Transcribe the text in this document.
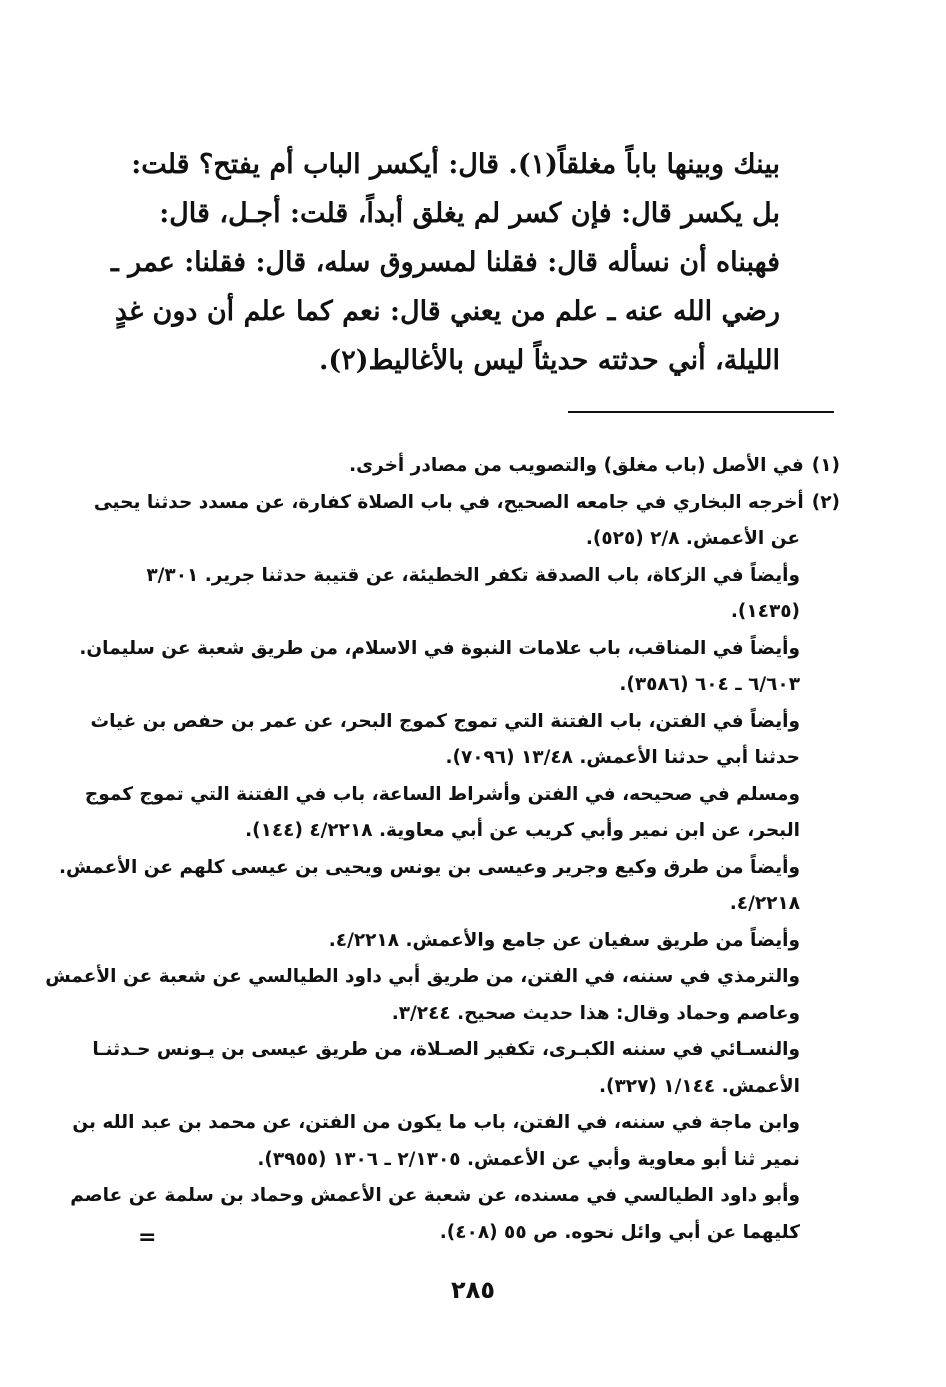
بينك وبينها باباً مغلقاً(١). قال: أيكسر الباب أم يفتح؟ قلت:
بل يكسر قال: فإن كسر لم يغلق أبداً، قلت: أجـل، قال:
فهبناه أن نسأله قال: فقلنا لمسروق سله، قال: فقلنا: عمر ـ
رضي الله عنه ـ علم من يعني قال: نعم كما علم أن دون غدٍ
الليلة، أني حدثته حديثاً ليس بالأغاليط(٢).
(١)في الأصل (باب مغلق) والتصويب من مصادر أخرى.
(٢)أخرجه البخاري في جامعه الصحيح، في باب الصلاة كفارة، عن مسدد حدثنا يحيى
عن الأعمش. ٢/٨ (٥٢٥).
وأيضاً في الزكاة، باب الصدقة تكفر الخطيئة، عن قتيبة حدثنا جرير. ٣/٣٠١
(١٤٣٥).
وأيضاً في المناقب، باب علامات النبوة في الاسلام، من طريق شعبة عن سليمان.
٦/٦٠٣ ـ ٦٠٤ (٣٥٨٦).
وأيضاً في الفتن، باب الفتنة التي تموج كموج البحر، عن عمر بن حفص بن غياث
حدثنا أبي حدثنا الأعمش. ١٣/٤٨ (٧٠٩٦).
ومسلم في صحيحه، في الفتن وأشراط الساعة، باب في الفتنة التي تموج كموج
البحر، عن ابن نمير وأبي كريب عن أبي معاوية. ٤/٢٢١٨ (١٤٤).
وأيضاً من طرق وكيع وجرير وعيسى بن يونس ويحيى بن عيسى كلهم عن الأعمش.
٤/٢٢١٨.
وأيضاً من طريق سفيان عن جامع والأعمش. ٤/٢٢١٨.
والترمذي في سننه، في الفتن، من طريق أبي داود الطيالسي عن شعبة عن الأعمش
وعاصم وحماد وقال: هذا حديث صحيح. ٣/٢٤٤.
والنسـائي في سننه الكبـرى، تكفير الصـلاة، من طريق عيسى بن يـونس حـدثنـا
الأعمش. ١/١٤٤ (٣٢٧).
وابن ماجة في سننه، في الفتن، باب ما يكون من الفتن، عن محمد بن عبد الله بن
نمير ثنا أبو معاوية وأبي عن الأعمش. ٢/١٣٠٥ ـ ١٣٠٦ (٣٩٥٥).
وأبو داود الطيالسي في مسنده، عن شعبة عن الأعمش وحماد بن سلمة عن عاصم
كليهما عن أبي وائل نحوه. ص ٥٥ (٤٠٨).
=
٢٨٥
